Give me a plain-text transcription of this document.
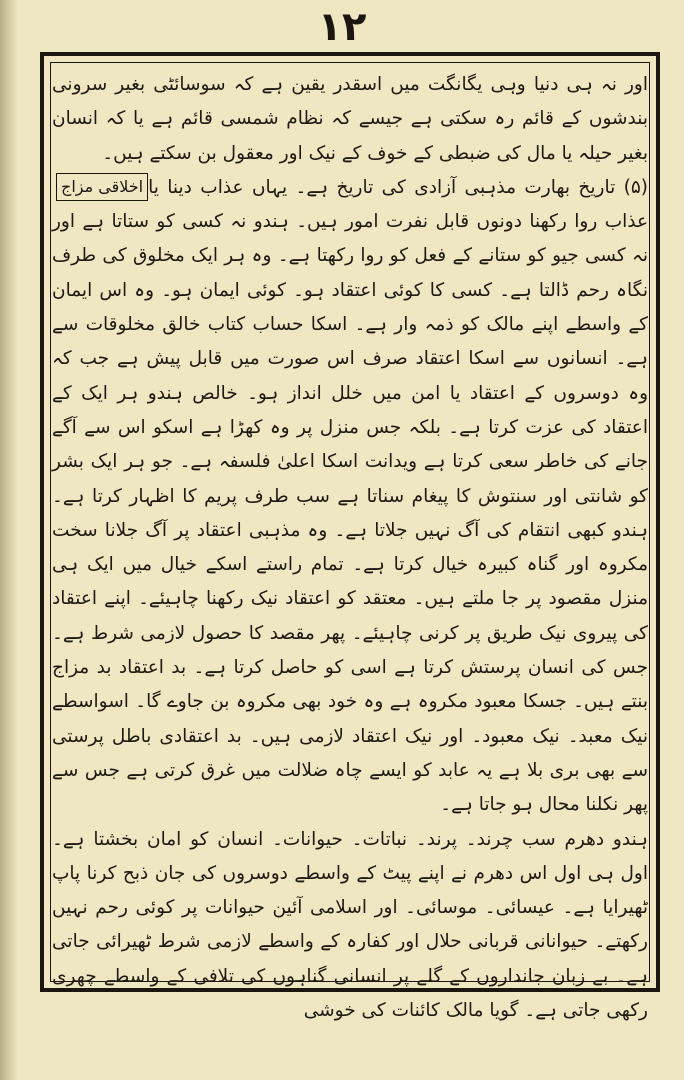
۱۲

اور نہ ہی دنیا وہی یگانگت میں اسقدر یقین ہے کہ سوسائٹی بغیر سرونی بندشوں کے قائم رہ سکتی ہے جیسے کہ نظام شمسی قائم ہے یا کہ انسان بغیر حیلہ یا مال کی ضبطی کے خوف کے نیک اور معقول بن سکتے ہیں۔

اخلاقی مزاج (۵) تاریخ بھارت مذہبی آزادی کی تاریخ ہے۔ یہاں عذاب دینا یا عذاب روا رکھنا دونوں قابل نفرت امور ہیں۔ ہندو نہ کسی کو ستاتا ہے اور نہ کسی جیو کو ستانے کے فعل کو روا رکھتا ہے۔ وہ ہر ایک مخلوق کی طرف نگاہ رحم ڈالتا ہے۔ کسی کا کوئی اعتقاد ہو۔ کوئی ایمان ہو۔ وہ اس ایمان کے واسطے اپنے مالک کو ذمہ وار ہے۔ اسکا حساب کتاب خالق مخلوقات سے ہے۔ انسانوں سے اسکا اعتقاد صرف اس صورت میں قابل پیش ہے جب کہ وہ دوسروں کے اعتقاد یا امن میں خلل انداز ہو۔ خالص ہندو ہر ایک کے اعتقاد کی عزت کرتا ہے۔ بلکہ جس منزل پر وہ کھڑا ہے اسکو اس سے آگے جانے کی خاطر سعی کرتا ہے ویدانت اسکا اعلیٰ فلسفہ ہے۔ جو ہر ایک بشر کو شانتی اور سنتوش کا پیغام سناتا ہے سب طرف پریم کا اظہار کرتا ہے۔ ہندو کبھی انتقام کی آگ نہیں جلاتا ہے۔ وہ مذہبی اعتقاد پر آگ جلانا سخت مکروہ اور گناہ کبیرہ خیال کرتا ہے۔ تمام راستے اسکے خیال میں ایک ہی منزل مقصود پر جا ملتے ہیں۔ معتقد کو اعتقاد نیک رکھنا چاہیئے۔ اپنے اعتقاد کی پیروی نیک طریق پر کرنی چاہیئے۔ پھر مقصد کا حصول لازمی شرط ہے۔ جس کی انسان پرستش کرتا ہے اسی کو حاصل کرتا ہے۔ بد اعتقاد بد مزاج بنتے ہیں۔ جسکا معبود مکروہ ہے وہ خود بھی مکروہ بن جاوے گا۔ اسواسطے نیک معبد۔ نیک معبود۔ اور نیک اعتقاد لازمی ہیں۔ بد اعتقادی باطل پرستی سے بھی بری بلا ہے یہ عابد کو ایسے چاہ ضلالت میں غرق کرتی ہے جس سے پھر نکلنا محال ہو جاتا ہے۔

ہندو دھرم سب چرند۔ پرند۔ نباتات۔ حیوانات۔ انسان کو امان بخشتا ہے۔ اول ہی اول اس دھرم نے اپنے پیٹ کے واسطے دوسروں کی جان ذبح کرنا پاپ ٹھیرایا ہے۔ عیسائی۔ موسائی۔ اور اسلامی آئین حیوانات پر کوئی رحم نہیں رکھتے۔ حیوانانی قربانی حلال اور کفارہ کے واسطے لازمی شرط ٹھیرائی جاتی ہے۔ بے زبان جانداروں کے گلے پر انسانی گناہوں کی تلافی کے واسطے چھری رکھی جاتی ہے۔ گویا مالک کائنات کی خوشی
